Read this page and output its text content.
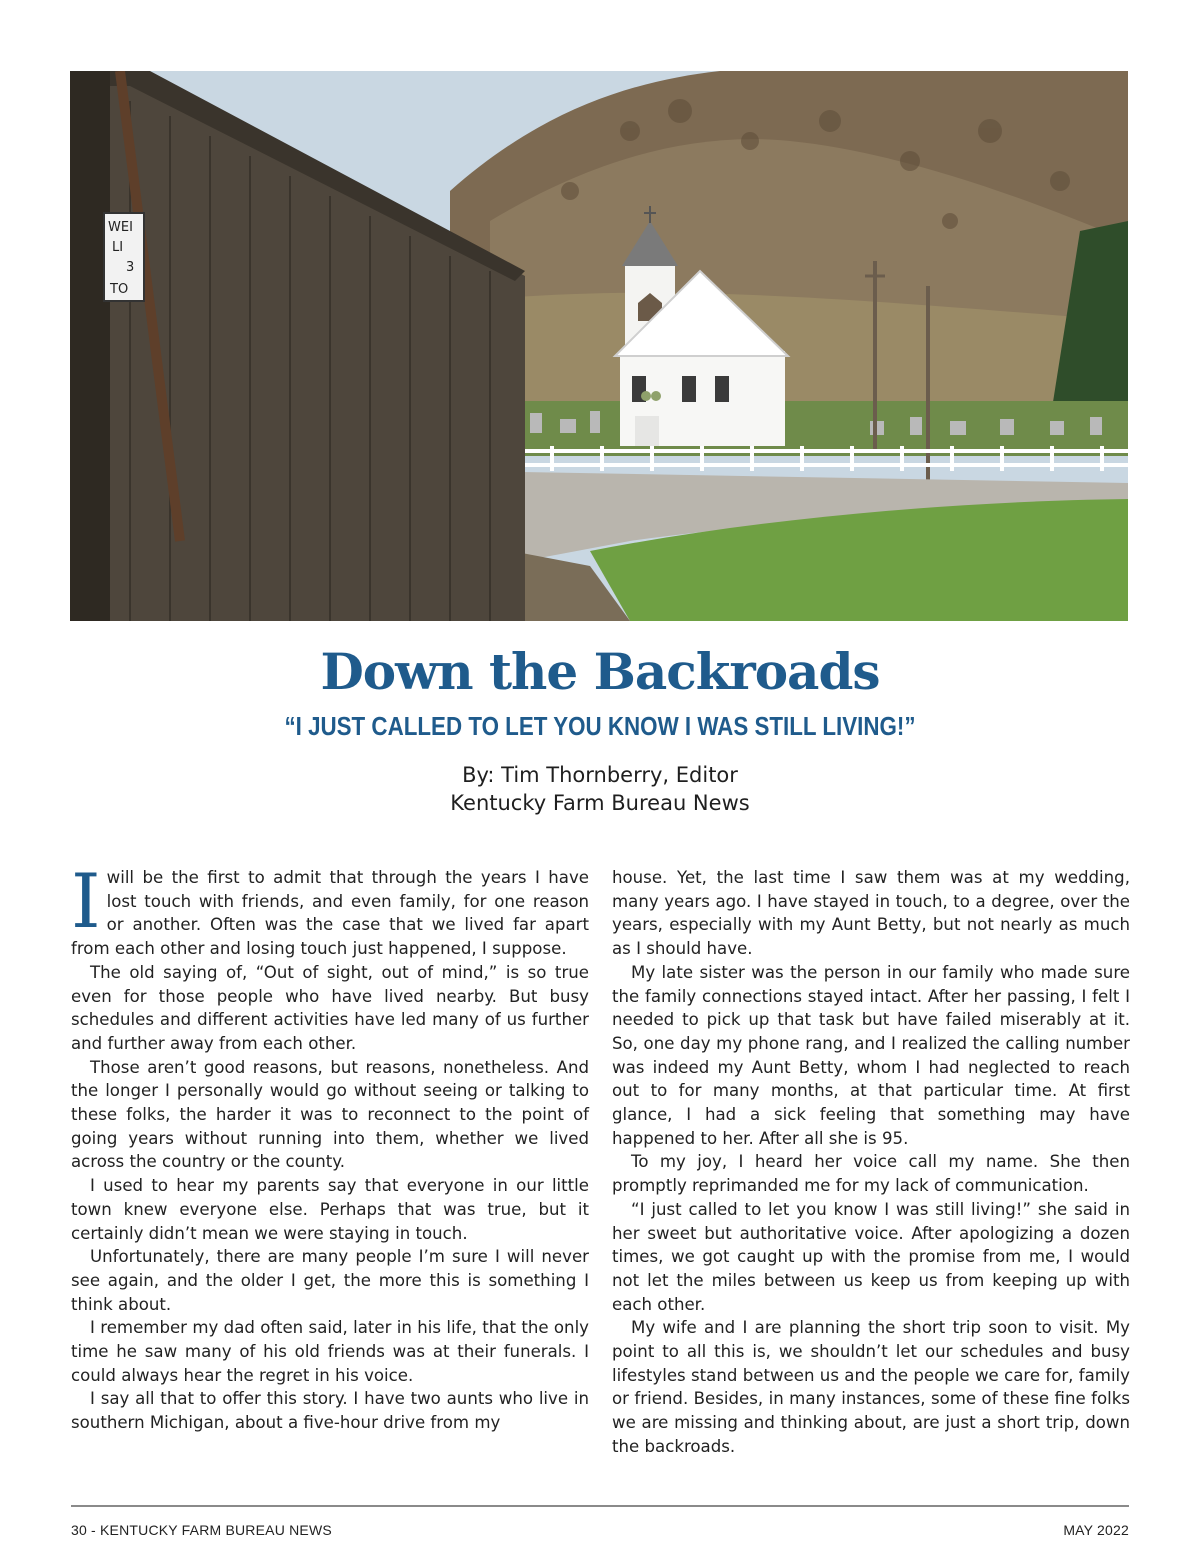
WEI
LI
3
TO
Down the Backroads
“I JUST CALLED TO LET YOU KNOW I WAS STILL LIVING!”
By: Tim Thornberry, Editor
Kentucky Farm Bureau News

Iwill be the first to admit that through the years I have lost touch with friends, and even family, for one reason or another. Often was the case that we lived far apart from each other and losing touch just happened, I suppose.

The old saying of, “Out of sight, out of mind,” is so true even for those people who have lived nearby. But busy schedules and different activities have led many of us further and further away from each other.

Those aren’t good reasons, but reasons, nonetheless. And the longer I personally would go without seeing or talking to these folks, the harder it was to reconnect to the point of going years without running into them, whether we lived across the country or the county.

I used to hear my parents say that everyone in our little town knew everyone else. Perhaps that was true, but it certainly didn’t mean we were staying in touch.

Unfortunately, there are many people I’m sure I will never see again, and the older I get, the more this is something I think about.

I remember my dad often said, later in his life, that the only time he saw many of his old friends was at their funerals. I could always hear the regret in his voice.

I say all that to offer this story. I have two aunts who live in southern Michigan, about a five-hour drive from my

house. Yet, the last time I saw them was at my wedding, many years ago. I have stayed in touch, to a degree, over the years, especially with my Aunt Betty, but not nearly as much as I should have.

My late sister was the person in our family who made sure the family connections stayed intact. After her passing, I felt I needed to pick up that task but have failed miserably at it. So, one day my phone rang, and I realized the calling number was indeed my Aunt Betty, whom I had neglected to reach out to for many months, at that particular time. At first glance, I had a sick feeling that something may have happened to her. After all she is 95.

To my joy, I heard her voice call my name. She then promptly reprimanded me for my lack of communication.

“I just called to let you know I was still living!” she said in her sweet but authoritative voice. After apologizing a dozen times, we got caught up with the promise from me, I would not let the miles between us keep us from keeping up with each other.

My wife and I are planning the short trip soon to visit. My point to all this is, we shouldn’t let our schedules and busy lifestyles stand between us and the people we care for, family or friend. Besides, in many instances, some of these fine folks we are missing and thinking about, are just a short trip, down the backroads.

30 - KENTUCKY FARM BUREAU NEWS	MAY 2022
